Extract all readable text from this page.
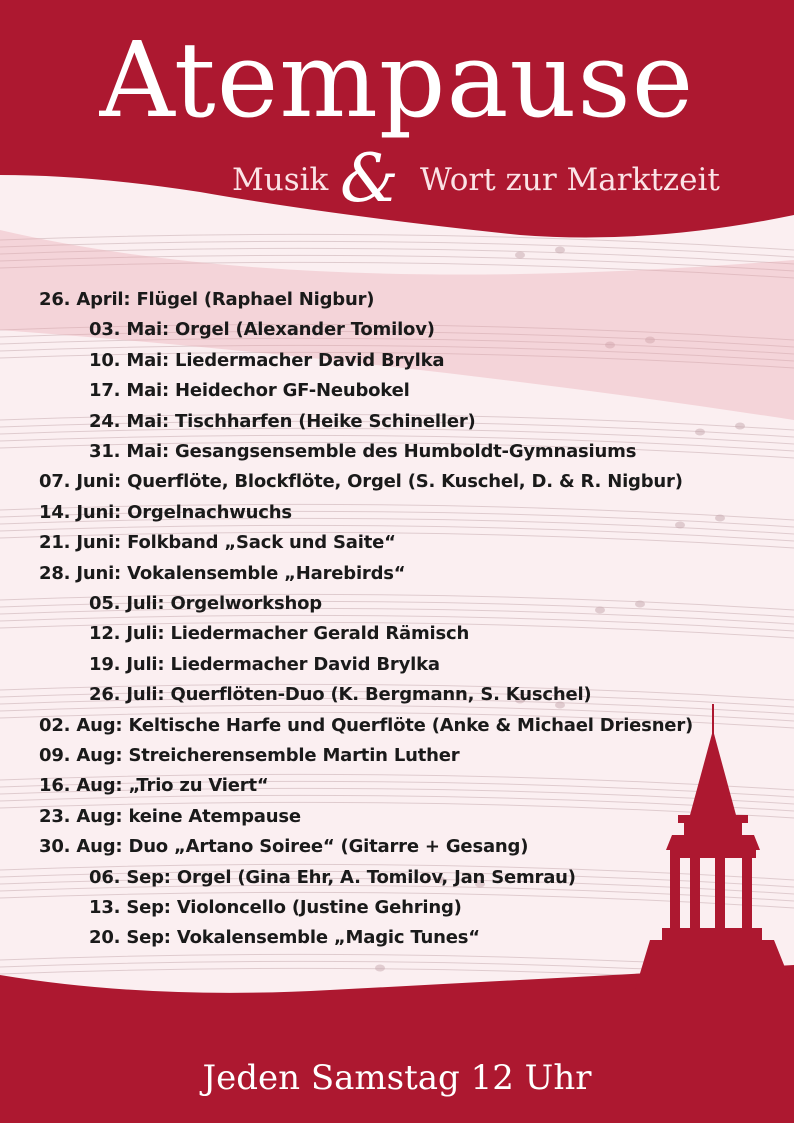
Atempause
Musik & Wort zur Marktzeit
26. April: Flügel (Raphael Nigbur)
03. Mai: Orgel (Alexander Tomilov)
10. Mai: Liedermacher David Brylka
17. Mai: Heidechor GF-Neubokel
24. Mai: Tischharfen (Heike Schineller)
31. Mai: Gesangsensemble des Humboldt-Gymnasiums
07. Juni: Querflöte, Blockflöte, Orgel (S. Kuschel, D. & R. Nigbur)
14. Juni: Orgelnachwuchs
21. Juni: Folkband „Sack und Saite“
28. Juni: Vokalensemble „Harebirds“
05. Juli: Orgelworkshop
12. Juli: Liedermacher Gerald Rämisch
19. Juli: Liedermacher David Brylka
26. Juli: Querflöten-Duo (K. Bergmann, S. Kuschel)
02. Aug: Keltische Harfe und Querflöte (Anke & Michael Driesner)
09. Aug: Streicherensemble Martin Luther
16. Aug: „Trio zu Viert“
23. Aug: keine Atempause
30. Aug: Duo „Artano Soiree“ (Gitarre + Gesang)
06. Sep: Orgel (Gina Ehr, A. Tomilov, Jan Semrau)
13. Sep: Violoncello (Justine Gehring)
20. Sep: Vokalensemble „Magic Tunes“
Jeden Samstag 12 Uhr
